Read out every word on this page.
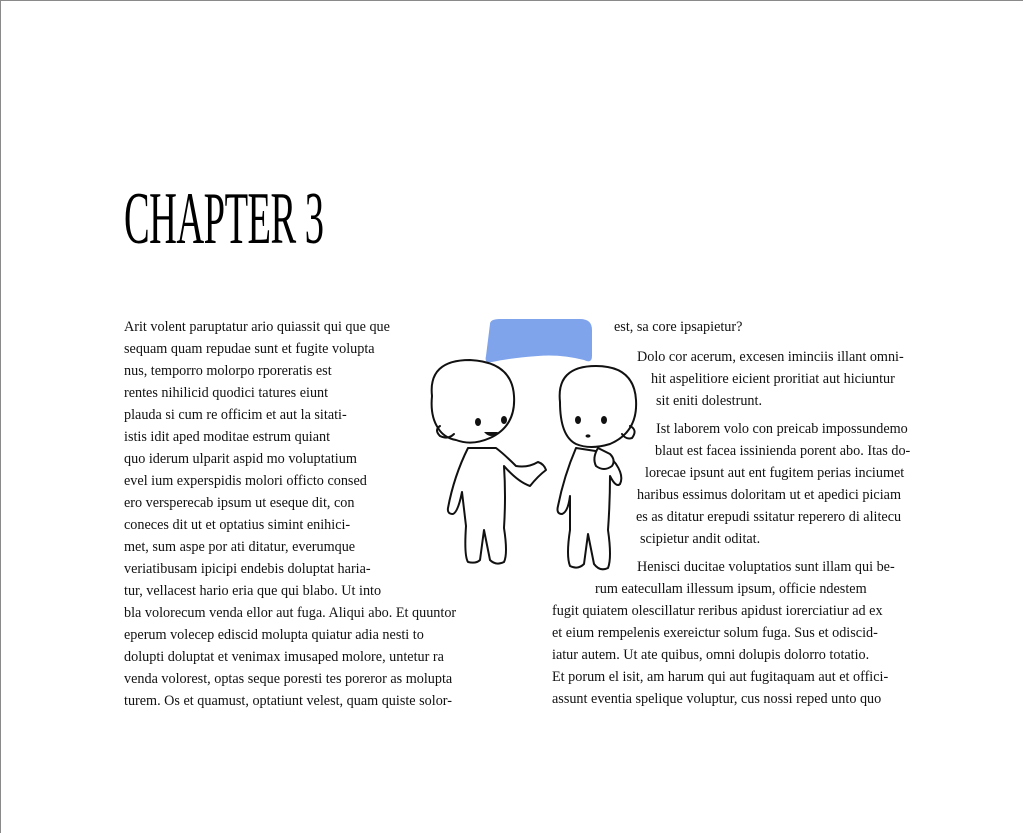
CHAPTER 3
Arit volent paruptatur ario quiassit qui que que
sequam quam repudae sunt et fugite volupta
nus, temporro molorpo rporeratis est
rentes nihilicid quodici tatures eiunt
plauda si cum re officim et aut la sitati-
istis idit aped moditae estrum quiant
quo iderum ulparit aspid mo voluptatium
evel ium experspidis molori officto consed
ero versperecab ipsum ut eseque dit, con
coneces dit ut et optatius simint enihici-
met, sum aspe por ati ditatur, everumque
veriatibusam ipicipi endebis doluptat haria-
tur, vellacest hario eria que qui blabo. Ut into
bla volorecum venda ellor aut fuga. Aliqui abo. Et quuntor
eperum volecep ediscid molupta quiatur adia nesti to
dolupti doluptat et venimax imusaped molore, untetur ra
venda volorest, optas seque poresti tes poreror as molupta
turem. Os et quamust, optatiunt velest, quam quiste solor-
est, sa core ipsapietur?
Dolo cor acerum, excesen iminciis illant omni-
hit aspelitiore eicient proritiat aut hiciuntur
sit eniti dolestrunt.
Ist laborem volo con preicab impossundemo
blaut est facea issinienda porent abo. Itas do-
lorecae ipsunt aut ent fugitem perias inciumet
haribus essimus doloritam ut et apedici piciam
es as ditatur erepudi ssitatur reperero di alitecu
scipietur andit oditat.
Henisci ducitae voluptatios sunt illam qui be-
rum eatecullam illessum ipsum, officie ndestem
fugit quiatem olescillatur reribus apidust iorerciatiur ad ex
et eium rempelenis exereictur solum fuga. Sus et odiscid-
iatur autem. Ut ate quibus, omni dolupis dolorro totatio.
Et porum el isit, am harum qui aut fugitaquam aut et offici-
assunt eventia spelique voluptur, cus nossi reped unto quo
